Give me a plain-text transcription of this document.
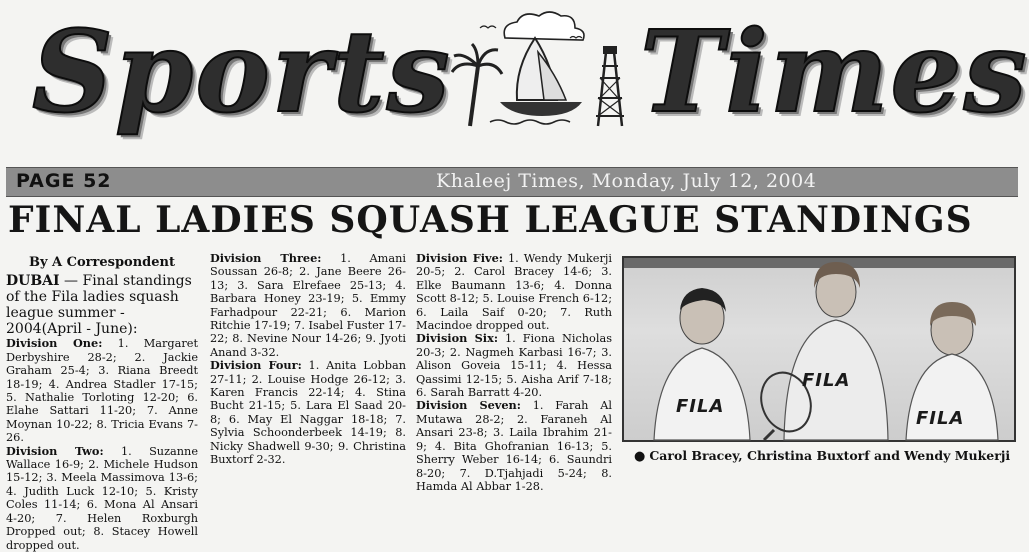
Sports Times
PAGE 52	Khaleej Times, Monday, July 12, 2004
FINAL LADIES SQUASH LEAGUE STANDINGS

By A Correspondent

DUBAI — Final standings of the Fila ladies squash league summer - 2004(April - June):

Division One: 1. Margaret Derbyshire 28-2; 2. Jackie Graham 25-4; 3. Riana Breedt 18-19; 4. Andrea Stadler 17-15; 5. Nathalie Torloting 12-20; 6. Elahe Sattari 11-20; 7. Anne Moynan 10-22; 8. Tricia Evans 7-26.

Division Two: 1. Suzanne Wallace 16-9; 2. Michele Hudson 15-12; 3. Meela Massimova 13-6; 4. Judith Luck 12-10; 5. Kristy Coles 11-14; 6. Mona Al Ansari 4-20; 7. Helen Roxburgh Dropped out; 8. Stacey Howell dropped out.

Division Three: 1. Amani Soussan 26-8; 2. Jane Beere 26-13; 3. Sara Elrefaee 25-13; 4. Barbara Honey 23-19; 5. Emmy Farhadpour 22-21; 6. Marion Ritchie 17-19; 7. Isabel Fuster 17-22; 8. Nevine Nour 14-26; 9. Jyoti Anand 3-32.

Division Four: 1. Anita Lobban 27-11; 2. Louise Hodge 26-12; 3. Karen Francis 22-14; 4. Stina Bucht 21-15; 5. Lara El Saad 20-8; 6. May El Naggar 18-18; 7. Sylvia Schoonderbeek 14-19; 8. Nicky Shadwell 9-30; 9. Christina Buxtorf 2-32.

Division Five: 1. Wendy Mukerji 20-5; 2. Carol Bracey 14-6; 3. Elke Baumann 13-6; 4. Donna Scott 8-12; 5. Louise French 6-12; 6. Laila Saif 0-20; 7. Ruth Macindoe dropped out.

Division Six: 1. Fiona Nicholas 20-3; 2. Nagmeh Karbasi 16-7; 3. Alison Goveia 15-11; 4. Hessa Qassimi 12-15; 5. Aisha Arif 7-18; 6. Sarah Barratt 4-20.

Division Seven: 1. Farah Al Mutawa 28-2; 2. Faraneh Al Ansari 23-8; 3. Laila Ibrahim 21-9; 4. Bita Ghofranian 16-13; 5. Sherry Weber 16-14; 6. Saundri 8-20; 7. D.Tjahjadi 5-24; 8. Hamda Al Abbar 1-28.

FILA
FILA
FILA
● Carol Bracey, Christina Buxtorf and Wendy Mukerji
